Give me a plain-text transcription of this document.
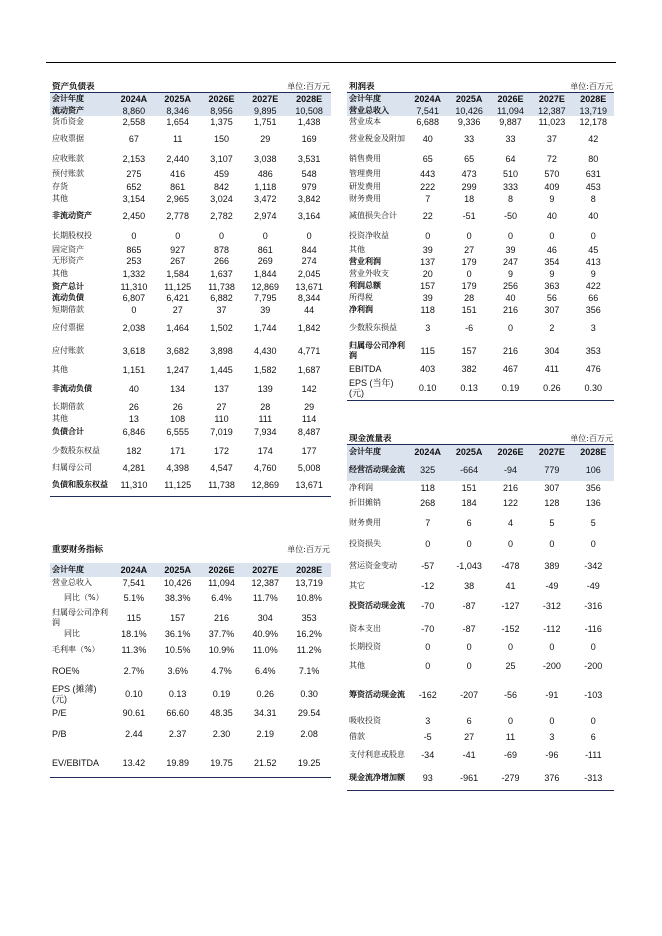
资产负债表			单位:百万元		
会计年度	2024A	2025A	2026E	2027E	2028E
流动资产	8,860	8,346	8,956	9,895	10,508
货币资金	2,558	1,654	1,375	1,751	1,438
应收票据	67	11	150	29	169
应收账款	2,153	2,440	3,107	3,038	3,531
预付账款	275	416	459	486	548
存货	652	861	842	1,118	979
其他	3,154	2,965	3,024	3,472	3,842
非流动资产	2,450	2,778	2,782	2,974	3,164
长期股权投	0	0	0	0	0
固定资产	865	927	878	861	844
无形资产	253	267	266	269	274
其他	1,332	1,584	1,637	1,844	2,045
资产总计	11,310	11,125	11,738	12,869	13,671
流动负债	6,807	6,421	6,882	7,795	8,344
短期借款	0	27	37	39	44
应付票据	2,038	1,464	1,502	1,744	1,842
应付账款	3,618	3,682	3,898	4,430	4,771
其他	1,151	1,247	1,445	1,582	1,687
非流动负债	40	134	137	139	142
长期借款	26	26	27	28	29
其他	13	108	110	111	114
负债合计	6,846	6,555	7,019	7,934	8,487
少数股东权益	182	171	172	174	177
归属母公司	4,281	4,398	4,547	4,760	5,008
负债和股东权益	11,310	11,125	11,738	12,869	13,671
利润表			单位:百万元		
会计年度	2024A	2025A	2026E	2027E	2028E
营业总收入	7,541	10,426	11,094	12,387	13,719
营业成本	6,688	9,336	9,887	11,023	12,178
营业税金及附加	40	33	33	37	42
销售费用	65	65	64	72	80
管理费用	443	473	510	570	631
研发费用	222	299	333	409	453
财务费用	7	18	8	9	8
减值损失合计	22	-51	-50	40	40
投资净收益	0	0	0	0	0
其他	39	27	39	46	45
营业利润	137	179	247	354	413
营业外收支	20	0	9	9	9
利润总额	157	179	256	363	422
所得税	39	28	40	56	66
净利润	118	151	216	307	356
少数股东损益	3	-6	0	2	3
归属母公司净利润	115	157	216	304	353
EBITDA	403	382	467	411	476
EPS (当年)(元)	0.10	0.13	0.19	0.26	0.30
重要财务指标				单位:百万元	
会计年度	2024A	2025A	2026E	2027E	2028E
营业总收入	7,541	10,426	11,094	12,387	13,719
同比（%）	5.1%	38.3%	6.4%	11.7%	10.8%
归属母公司净利润	115	157	216	304	353
同比	18.1%	36.1%	37.7%	40.9%	16.2%
毛利率（%）	11.3%	10.5%	10.9%	11.0%	11.2%
ROE%	2.7%	3.6%	4.7%	6.4%	7.1%
EPS (摊薄)(元)	0.10	0.13	0.19	0.26	0.30
P/E	90.61	66.60	48.35	34.31	29.54
P/B	2.44	2.37	2.30	2.19	2.08
EV/EBITDA	13.42	19.89	19.75	21.52	19.25
现金流量表			单位:百万元		
会计年度	2024A	2025A	2026E	2027E	2028E
经营活动现金流	325	-664	-94	779	106
净利润	118	151	216	307	356
折旧摊销	268	184	122	128	136
财务费用	7	6	4	5	5
投资损失	0	0	0	0	0
营运资金变动	-57	-1,043	-478	389	-342
其它	-12	38	41	-49	-49
投资活动现金流	-70	-87	-127	-312	-316
资本支出	-70	-87	-152	-112	-116
长期投资	0	0	0	0	0
其他	0	0	25	-200	-200
筹资活动现金流	-162	-207	-56	-91	-103
吸收投资	3	6	0	0	0
借款	-5	27	11	3	6
支付利息或股息	-34	-41	-69	-96	-111
现金流净增加额	93	-961	-279	376	-313
